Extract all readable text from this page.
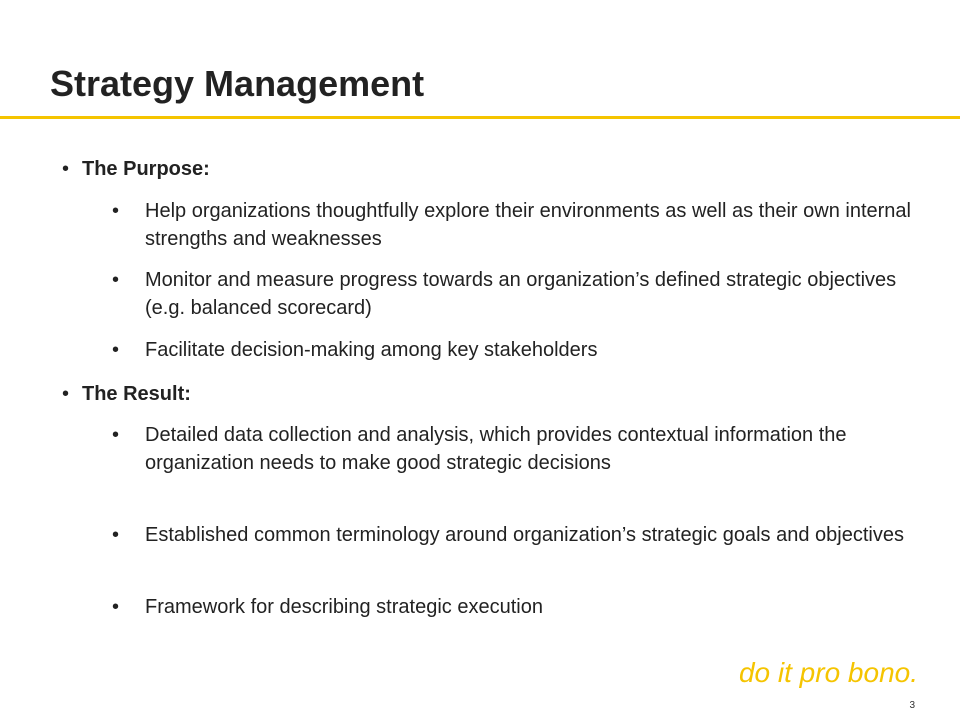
Strategy Management
• The Purpose:
• Help organizations thoughtfully explore their environments as well as their own internal strengths and weaknesses
• Monitor and measure progress towards an organization’s defined strategic objectives (e.g. balanced scorecard)
• Facilitate decision-making among key stakeholders
• The Result:
• Detailed data collection and analysis, which provides contextual information the organization needs to make good strategic decisions
• Established common terminology around organization’s strategic goals and objectives
• Framework for describing strategic execution
do it pro bono.
3
